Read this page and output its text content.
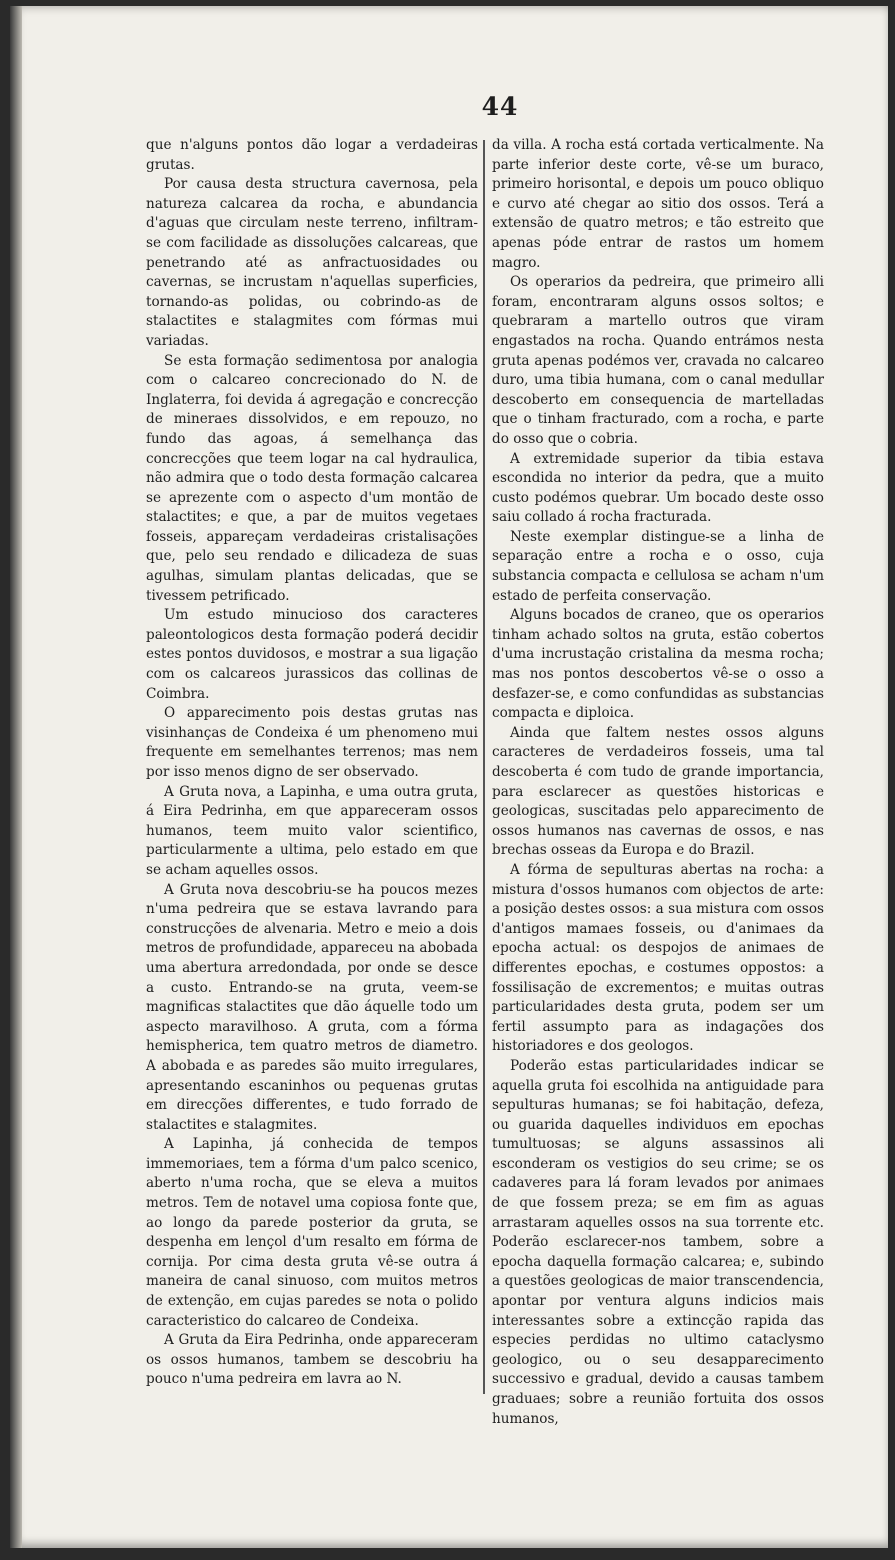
44

que n'alguns pontos dão logar a verdadeiras grutas.

Por causa desta structura cavernosa, pela natureza calcarea da rocha, e abundancia d'aguas que circulam neste terreno, infiltram-se com facilidade as dissoluções calcareas, que penetrando até as anfractuosidades ou cavernas, se incrustam n'aquellas superficies, tornando-as polidas, ou cobrindo-as de stalactites e stalagmites com fórmas mui variadas.

Se esta formação sedimentosa por analogia com o calcareo concrecionado do N. de Inglaterra, foi devida á agregação e concrecção de mineraes dissolvidos, e em repouzo, no fundo das agoas, á semelhança das concrecções que teem logar na cal hydraulica, não admira que o todo desta formação calcarea se aprezente com o aspecto d'um montão de stalactites; e que, a par de muitos vegetaes fosseis, appareçam verdadeiras cristalisações que, pelo seu rendado e dilicadeza de suas agulhas, simulam plantas delicadas, que se tivessem petrificado.

Um estudo minucioso dos caracteres paleontologicos desta formação poderá decidir estes pontos duvidosos, e mostrar a sua ligação com os calcareos jurassicos das collinas de Coimbra.

O apparecimento pois destas grutas nas visinhanças de Condeixa é um phenomeno mui frequente em semelhantes terrenos; mas nem por isso menos digno de ser observado.

A Gruta nova, a Lapinha, e uma outra gruta, á Eira Pedrinha, em que appareceram ossos humanos, teem muito valor scientifico, particularmente a ultima, pelo estado em que se acham aquelles ossos.

A Gruta nova descobriu-se ha poucos mezes n'uma pedreira que se estava lavrando para construcções de alvenaria. Metro e meio a dois metros de profundidade, appareceu na abobada uma abertura arredondada, por onde se desce a custo. Entrando-se na gruta, veem-se magnificas stalactites que dão áquelle todo um aspecto maravilhoso. A gruta, com a fórma hemispherica, tem quatro metros de diametro. A abobada e as paredes são muito irregulares, apresentando escaninhos ou pequenas grutas em direcções differentes, e tudo forrado de stalactites e stalagmites.

A Lapinha, já conhecida de tempos immemoriaes, tem a fórma d'um palco scenico, aberto n'uma rocha, que se eleva a muitos metros. Tem de notavel uma copiosa fonte que, ao longo da parede posterior da gruta, se despenha em lençol d'um resalto em fórma de cornija. Por cima desta gruta vê-se outra á maneira de canal sinuoso, com muitos metros de extenção, em cujas paredes se nota o polido caracteristico do calcareo de Condeixa.

A Gruta da Eira Pedrinha, onde appareceram os ossos humanos, tambem se descobriu ha pouco n'uma pedreira em lavra ao N.

da villa. A rocha está cortada verticalmente. Na parte inferior deste corte, vê-se um buraco, primeiro horisontal, e depois um pouco obliquo e curvo até chegar ao sitio dos ossos. Terá a extensão de quatro metros; e tão estreito que apenas póde entrar de rastos um homem magro.

Os operarios da pedreira, que primeiro alli foram, encontraram alguns ossos soltos; e quebraram a martello outros que viram engastados na rocha. Quando entrámos nesta gruta apenas podémos ver, cravada no calcareo duro, uma tibia humana, com o canal medullar descoberto em consequencia de martelladas que o tinham fracturado, com a rocha, e parte do osso que o cobria.

A extremidade superior da tibia estava escondida no interior da pedra, que a muito custo podémos quebrar. Um bocado deste osso saiu collado á rocha fracturada.

Neste exemplar distingue-se a linha de separação entre a rocha e o osso, cuja substancia compacta e cellulosa se acham n'um estado de perfeita conservação.

Alguns bocados de craneo, que os operarios tinham achado soltos na gruta, estão cobertos d'uma incrustação cristalina da mesma rocha; mas nos pontos descobertos vê-se o osso a desfazer-se, e como confundidas as substancias compacta e diploica.

Ainda que faltem nestes ossos alguns caracteres de verdadeiros fosseis, uma tal descoberta é com tudo de grande importancia, para esclarecer as questões historicas e geologicas, suscitadas pelo apparecimento de ossos humanos nas cavernas de ossos, e nas brechas osseas da Europa e do Brazil.

A fórma de sepulturas abertas na rocha: a mistura d'ossos humanos com objectos de arte: a posição destes ossos: a sua mistura com ossos d'antigos mamaes fosseis, ou d'animaes da epocha actual: os despojos de animaes de differentes epochas, e costumes oppostos: a fossilisação de excrementos; e muitas outras particularidades desta gruta, podem ser um fertil assumpto para as indagações dos historiadores e dos geologos.

Poderão estas particularidades indicar se aquella gruta foi escolhida na antiguidade para sepulturas humanas; se foi habitação, defeza, ou guarida daquelles individuos em epochas tumultuosas; se alguns assassinos ali esconderam os vestigios do seu crime; se os cadaveres para lá foram levados por animaes de que fossem preza; se em fim as aguas arrastaram aquelles ossos na sua torrente etc. Poderão esclarecer-nos tambem, sobre a epocha daquella formação calcarea; e, subindo a questões geologicas de maior transcendencia, apontar por ventura alguns indicios mais interessantes sobre a extincção rapida das especies perdidas no ultimo cataclysmo geologico, ou o seu desapparecimento successivo e gradual, devido a causas tambem graduaes; sobre a reunião fortuita dos ossos humanos,
